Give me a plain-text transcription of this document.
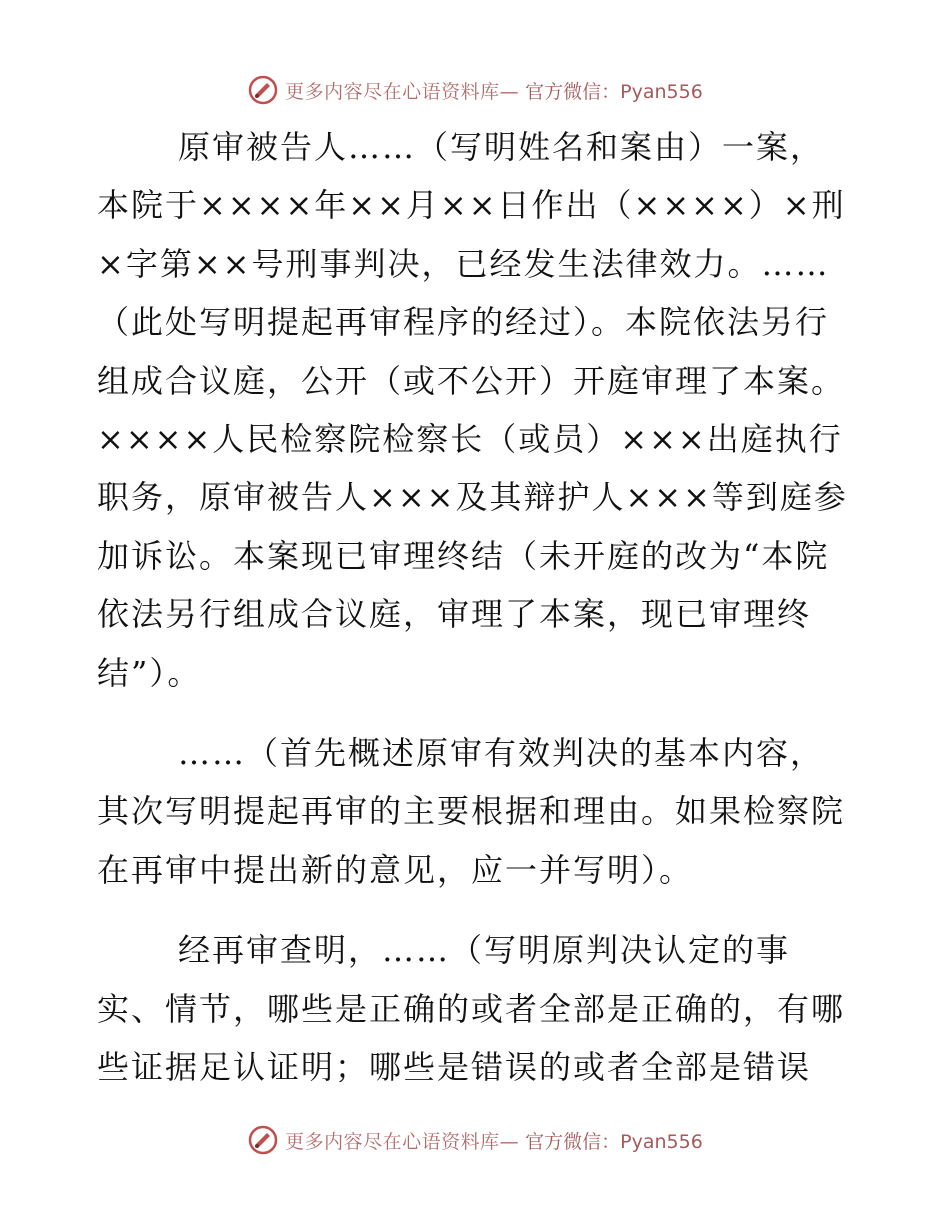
更多内容尽在心语资料库— 官方微信：Pyan556

原审被告人……（写明姓名和案由）一案，本院于××××年××月××日作出（××××）×刑×字第××号刑事判决，已经发生法律效力。……（此处写明提起再审程序的经过）。本院依法另行组成合议庭，公开（或不公开）开庭审理了本案。××××人民检察院检察长（或员）×××出庭执行职务，原审被告人×××及其辩护人×××等到庭参加诉讼。本案现已审理终结（未开庭的改为“本院依法另行组成合议庭，审理了本案，现已审理终结”）。

……（首先概述原审有效判决的基本内容，其次写明提起再审的主要根据和理由。如果检察院在再审中提出新的意见，应一并写明）。

经再审查明，……（写明原判决认定的事实、情节，哪些是正确的或者全部是正确的，有哪些证据足认证明；哪些是错误的或者全部是错误

更多内容尽在心语资料库— 官方微信：Pyan556
